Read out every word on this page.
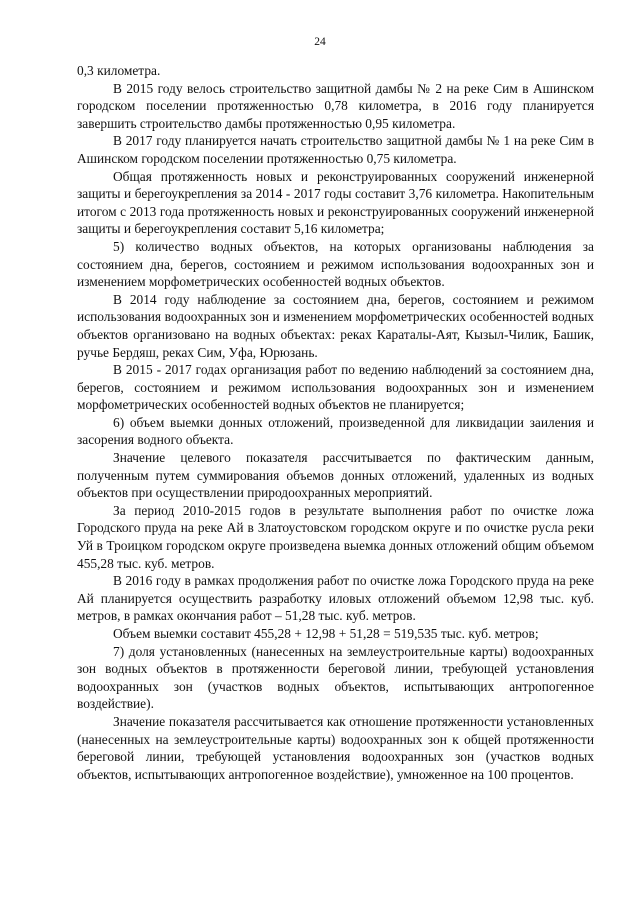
24

0,3 километра.

В 2015 году велось строительство защитной дамбы № 2 на реке Сим в Ашинском городском поселении протяженностью 0,78 километра, в 2016 году планируется завершить строительство дамбы протяженностью 0,95 километра.

В 2017 году планируется начать строительство защитной дамбы № 1 на реке Сим в Ашинском городском поселении протяженностью 0,75 километра.

Общая протяженность новых и реконструированных сооружений инженерной защиты и берегоукрепления за 2014 - 2017 годы составит 3,76 километра. Накопительным итогом с 2013 года протяженность новых и реконструированных сооружений инженерной защиты и берегоукрепления составит 5,16 километра;

5) количество водных объектов, на которых организованы наблюдения за состоянием дна, берегов, состоянием и режимом использования водоохранных зон и изменением морфометрических особенностей водных объектов.

В 2014 году наблюдение за состоянием дна, берегов, состоянием и режимом использования водоохранных зон и изменением морфометрических особенностей водных объектов организовано на водных объектах: реках Караталы-Аят, Кызыл-Чилик, Башик, ручье Бердяш, реках Сим, Уфа, Юрюзань.

В 2015 - 2017 годах организация работ по ведению наблюдений за состоянием дна, берегов, состоянием и режимом использования водоохранных зон и изменением морфометрических особенностей водных объектов не планируется;

6) объем выемки донных отложений, произведенной для ликвидации заиления и засорения водного объекта.

Значение целевого показателя рассчитывается по фактическим данным, полученным путем суммирования объемов донных отложений, удаленных из водных объектов при осуществлении природоохранных мероприятий.

За период 2010-2015 годов в результате выполнения работ по очистке ложа Городского пруда на реке Ай в Златоустовском городском округе и по очистке русла реки Уй в Троицком городском округе произведена выемка донных отложений общим объемом 455,28 тыс. куб. метров.

В 2016 году в рамках продолжения работ по очистке ложа Городского пруда на реке Ай планируется осуществить разработку иловых отложений объемом 12,98 тыс. куб. метров, в рамках окончания работ – 51,28 тыс. куб. метров.

Объем выемки составит 455,28 + 12,98 + 51,28 = 519,535 тыс. куб. метров;

7) доля установленных (нанесенных на землеустроительные карты) водоохранных зон водных объектов в протяженности береговой линии, требующей установления водоохранных зон (участков водных объектов, испытывающих антропогенное воздействие).

Значение показателя рассчитывается как отношение протяженности установленных (нанесенных на землеустроительные карты) водоохранных зон к общей протяженности береговой линии, требующей установления водоохранных зон (участков водных объектов, испытывающих антропогенное воздействие), умноженное на 100 процентов.
